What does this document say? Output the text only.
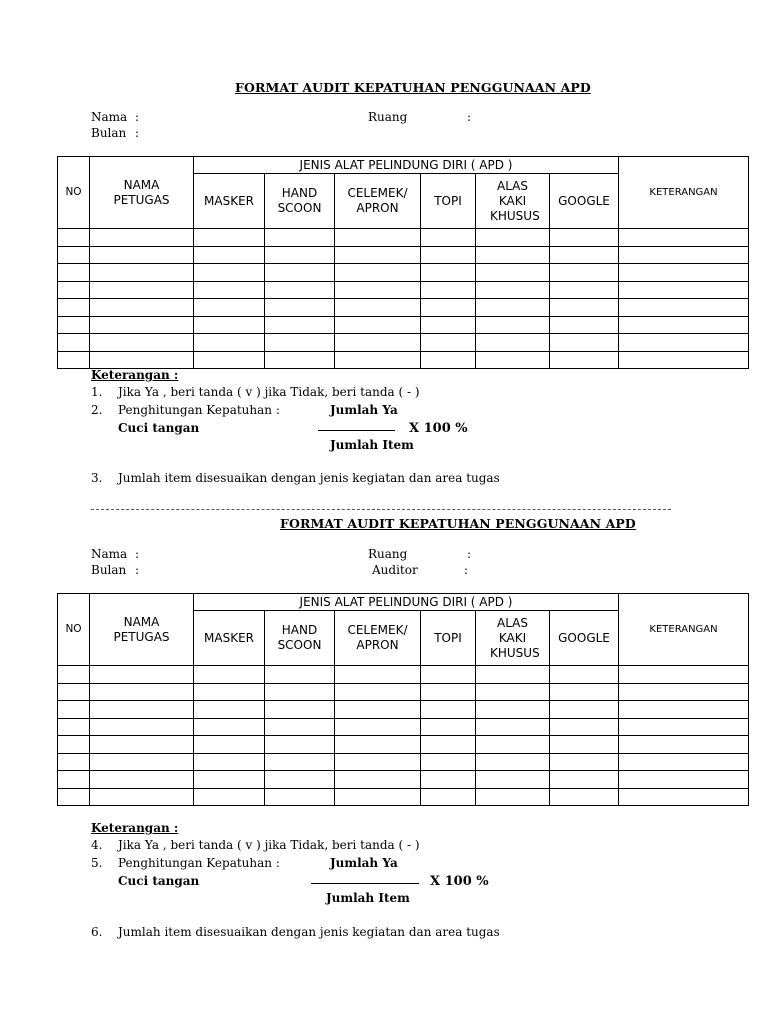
FORMAT AUDIT KEPATUHAN PENGGUNAAN APD
Nama :
Bulan :
Ruang	:
NO	NAMA PETUGAS	JENIS ALAT PELINDUNG DIRI ( APD )						KETERANGAN
		MASKER	HAND SCOON	CELEMEK/ APRON	TOPI	ALAS KAKI KHUSUS	GOOGLE	

Keterangan :
1. Jika Ya , beri tanda ( v ) jika Tidak, beri tanda ( - )
2. Penghitungan Kepatuhan :	Jumlah Ya
Cuci tangan	X 100 %
Jumlah Item
3. Jumlah item disesuaikan dengan jenis kegiatan dan area tugas
FORMAT AUDIT KEPATUHAN PENGGUNAAN APD
Nama :
Bulan :
Ruang	:
Auditor	:
NO	NAMA PETUGAS	JENIS ALAT PELINDUNG DIRI ( APD )						KETERANGAN
		MASKER	HAND SCOON	CELEMEK/ APRON	TOPI	ALAS KAKI KHUSUS	GOOGLE	

Keterangan :
4. Jika Ya , beri tanda ( v ) jika Tidak, beri tanda ( - )
5. Penghitungan Kepatuhan :	Jumlah Ya
Cuci tangan	X 100 %
Jumlah Item
6. Jumlah item disesuaikan dengan jenis kegiatan dan area tugas
